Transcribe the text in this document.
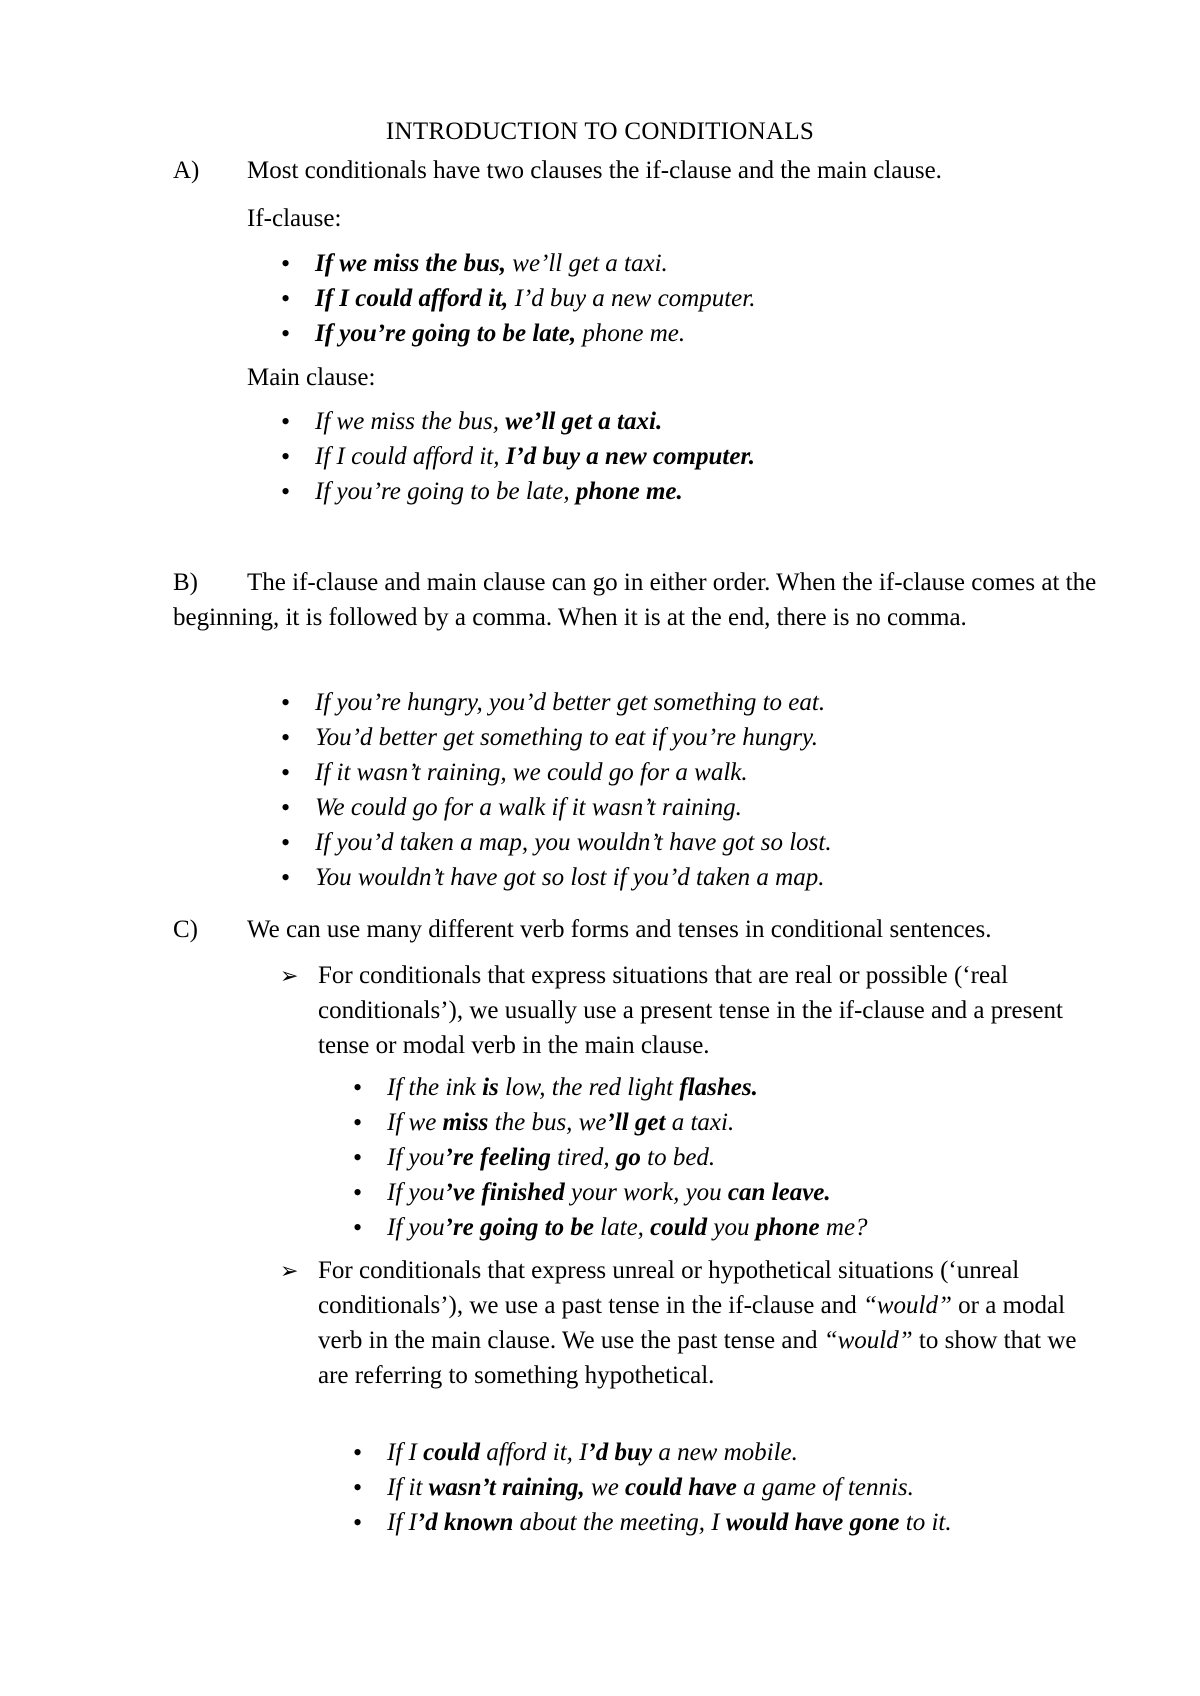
INTRODUCTION TO CONDITIONALS
A) Most conditionals have two clauses the if-clause and the main clause.
If-clause:
• If we miss the bus, we’ll get a taxi.
• If I could afford it, I’d buy a new computer.
• If you’re going to be late, phone me.
Main clause:
• If we miss the bus, we’ll get a taxi.
• If I could afford it, I’d buy a new computer.
• If you’re going to be late, phone me.
B) The if-clause and main clause can go in either order. When the if-clause comes at the beginning, it is followed by a comma. When it is at the end, there is no comma.
• If you’re hungry, you’d better get something to eat.
• You’d better get something to eat if you’re hungry.
• If it wasn’t raining, we could go for a walk.
• We could go for a walk if it wasn’t raining.
• If you’d taken a map, you wouldn’t have got so lost.
• You wouldn’t have got so lost if you’d taken a map.
C) We can use many different verb forms and tenses in conditional sentences.
➢ For conditionals that express situations that are real or possible (‘real conditionals’), we usually use a present tense in the if-clause and a present tense or modal verb in the main clause.
• If the ink is low, the red light flashes.
• If we miss the bus, we’ll get a taxi.
• If you’re feeling tired, go to bed.
• If you’ve finished your work, you can leave.
• If you’re going to be late, could you phone me?
➢ For conditionals that express unreal or hypothetical situations (‘unreal conditionals’), we use a past tense in the if-clause and “would” or a modal verb in the main clause. We use the past tense and “would” to show that we are referring to something hypothetical.
• If I could afford it, I’d buy a new mobile.
• If it wasn’t raining, we could have a game of tennis.
• If I’d known about the meeting, I would have gone to it.
